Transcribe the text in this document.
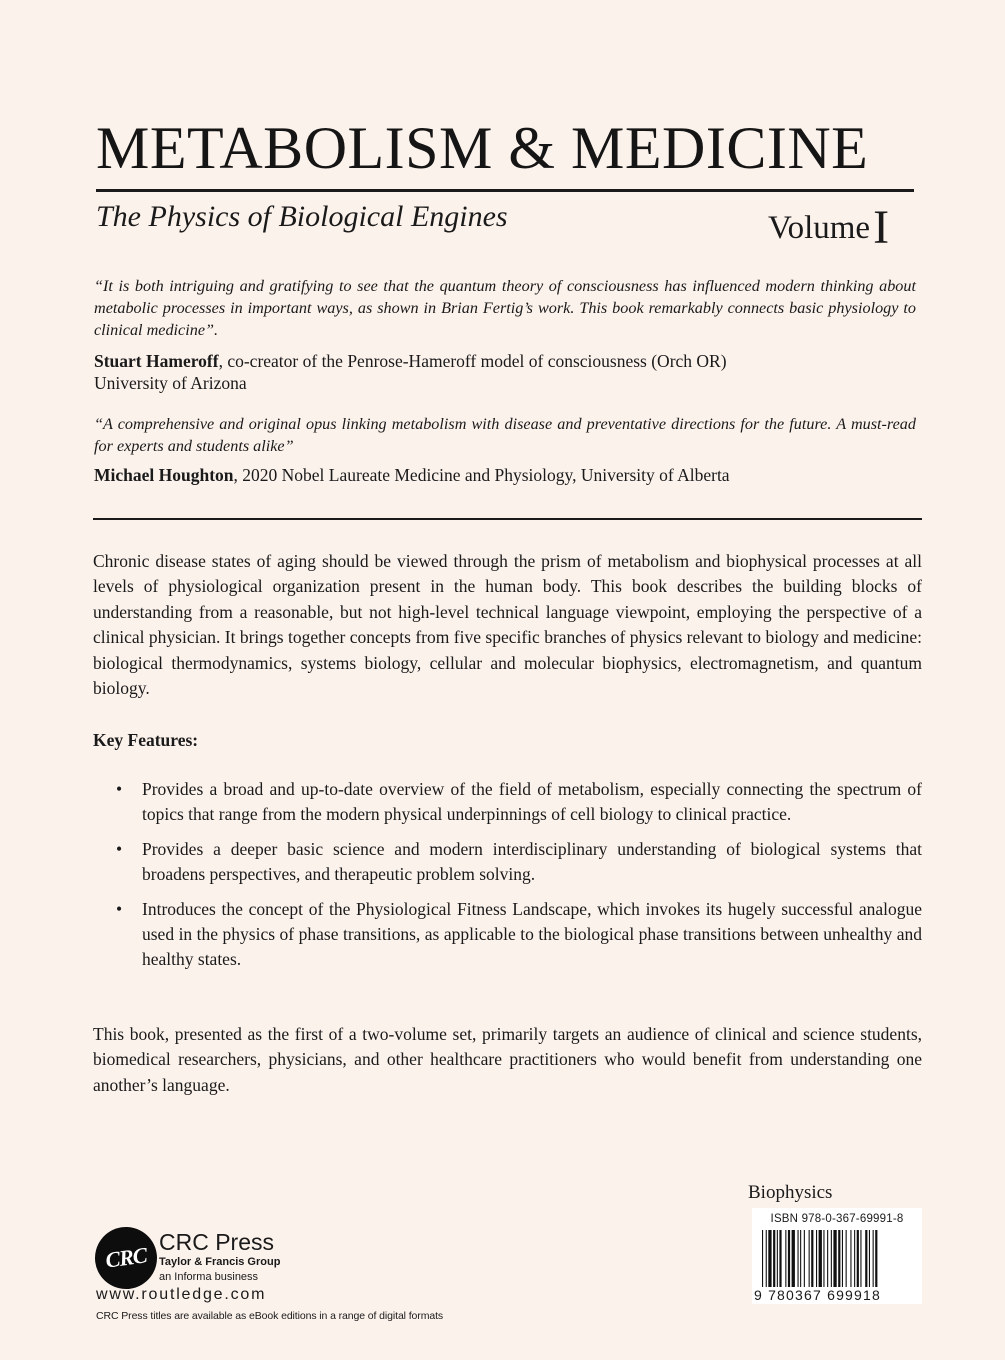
METABOLISM & MEDICINE
The Physics of Biological Engines	VolumeI
“It is both intriguing and gratifying to see that the quantum theory of consciousness has influenced modern thinking about metabolic processes in important ways, as shown in Brian Fertig’s work. This book remarkably connects basic physiology to clinical medicine”.
Stuart Hameroff, co-creator of the Penrose-Hameroff model of consciousness (Orch OR)
University of Arizona
“A comprehensive and original opus linking metabolism with disease and preventative directions for the future. A must-read for experts and students alike”
Michael Houghton, 2020 Nobel Laureate Medicine and Physiology, University of Alberta
Chronic disease states of aging should be viewed through the prism of metabolism and biophysical processes at all levels of physiological organization present in the human body. This book describes the building blocks of understanding from a reasonable, but not high-level technical language viewpoint, employing the perspective of a clinical physician. It brings together concepts from five specific branches of physics relevant to biology and medicine: biological thermodynamics, systems biology, cellular and molecular biophysics, electromagnetism, and quantum biology.
Key Features:
• Provides a broad and up-to-date overview of the field of metabolism, especially connecting the spectrum of topics that range from the modern physical underpinnings of cell biology to clinical practice.
• Provides a deeper basic science and modern interdisciplinary understanding of biological systems that broadens perspectives, and therapeutic problem solving.
• Introduces the concept of the Physiological Fitness Landscape, which invokes its hugely successful analogue used in the physics of phase transitions, as applicable to the biological phase transitions between unhealthy and healthy states.
This book, presented as the first of a two-volume set, primarily targets an audience of clinical and science students, biomedical researchers, physicians, and other healthcare practitioners who would benefit from understanding one another’s language.
Biophysics
ISBN 978-0-367-69991-8
9 780367 699918
CRC
CRC Press
Taylor & Francis Group
an Informa business
www.routledge.com
CRC Press titles are available as eBook editions in a range of digital formats
